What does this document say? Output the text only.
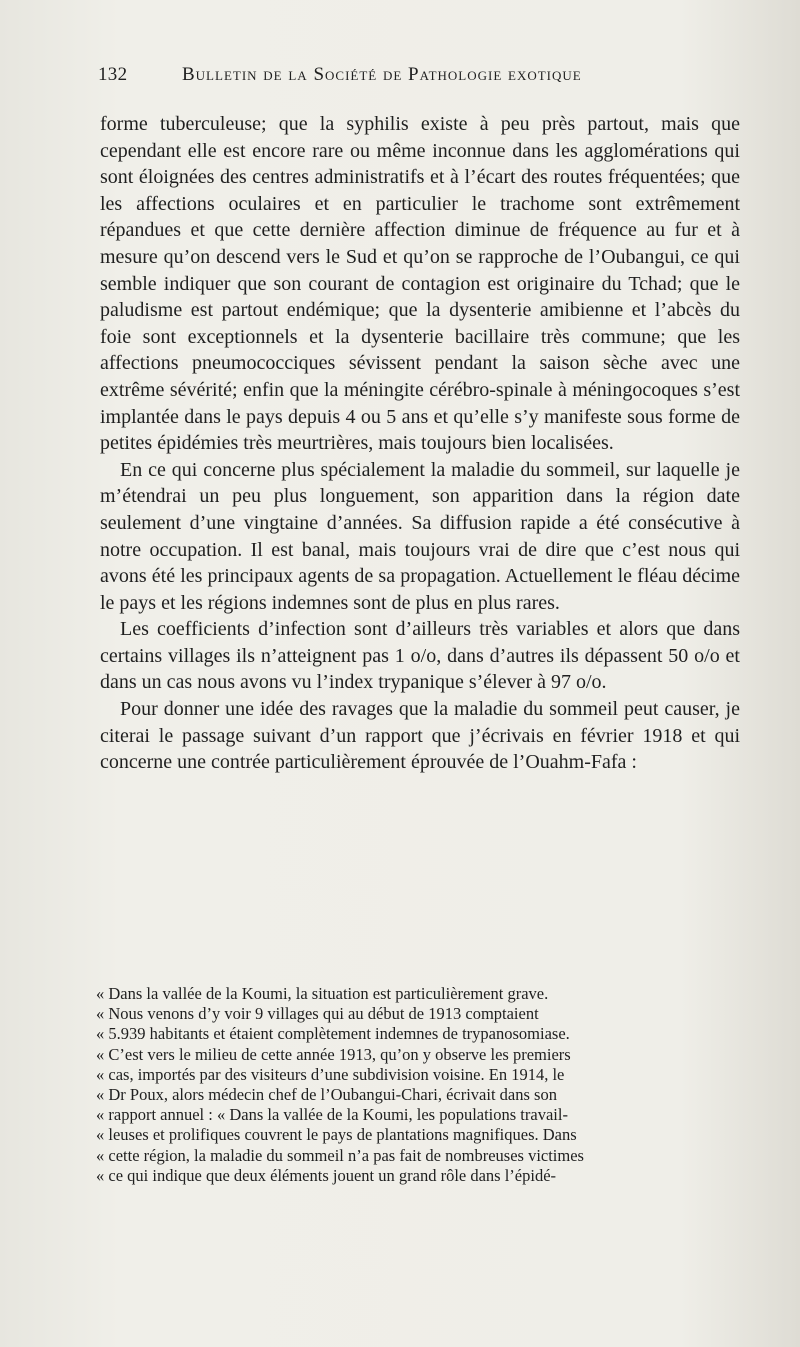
132	Bulletin de la Société de Pathologie exotique

forme tuberculeuse; que la syphilis existe à peu près partout, mais que cependant elle est encore rare ou même inconnue dans les agglomérations qui sont éloignées des centres administratifs et à l’écart des routes fréquentées; que les affections oculaires et en particulier le trachome sont extrêmement répandues et que cette dernière affection diminue de fréquence au fur et à mesure qu’on descend vers le Sud et qu’on se rapproche de l’Oubangui, ce qui semble indiquer que son courant de contagion est originaire du Tchad; que le paludisme est partout endémique; que la dysenterie amibienne et l’abcès du foie sont exceptionnels et la dysenterie bacillaire très commune; que les affections pneumococciques sévissent pendant la saison sèche avec une extrême sévérité; enfin que la méningite cérébro-spinale à méningocoques s’est implantée dans le pays depuis 4 ou 5 ans et qu’elle s’y manifeste sous forme de petites épidémies très meurtrières, mais toujours bien localisées.

En ce qui concerne plus spécialement la maladie du sommeil, sur laquelle je m’étendrai un peu plus longuement, son apparition dans la région date seulement d’une vingtaine d’années. Sa diffusion rapide a été consécutive à notre occupation. Il est banal, mais toujours vrai de dire que c’est nous qui avons été les principaux agents de sa propagation. Actuellement le fléau décime le pays et les régions indemnes sont de plus en plus rares.

Les coefficients d’infection sont d’ailleurs très variables et alors que dans certains villages ils n’atteignent pas 1 o/o, dans d’autres ils dépassent 50 o/o et dans un cas nous avons vu l’index trypanique s’élever à 97 o/o.

Pour donner une idée des ravages que la maladie du sommeil peut causer, je citerai le passage suivant d’un rapport que j’écrivais en février 1918 et qui concerne une contrée particulièrement éprouvée de l’Ouahm-Fafa :

« Dans la vallée de la Koumi, la situation est particulièrement grave.
« Nous venons d’y voir 9 villages qui au début de 1913 comptaient
« 5.939 habitants et étaient complètement indemnes de trypanosomiase.
« C’est vers le milieu de cette année 1913, qu’on y observe les premiers
« cas, importés par des visiteurs d’une subdivision voisine. En 1914, le
« Dr Poux, alors médecin chef de l’Oubangui-Chari, écrivait dans son
« rapport annuel : « Dans la vallée de la Koumi, les populations travail-
« leuses et prolifiques couvrent le pays de plantations magnifiques. Dans
« cette région, la maladie du sommeil n’a pas fait de nombreuses victimes
« ce qui indique que deux éléments jouent un grand rôle dans l’épidé-
